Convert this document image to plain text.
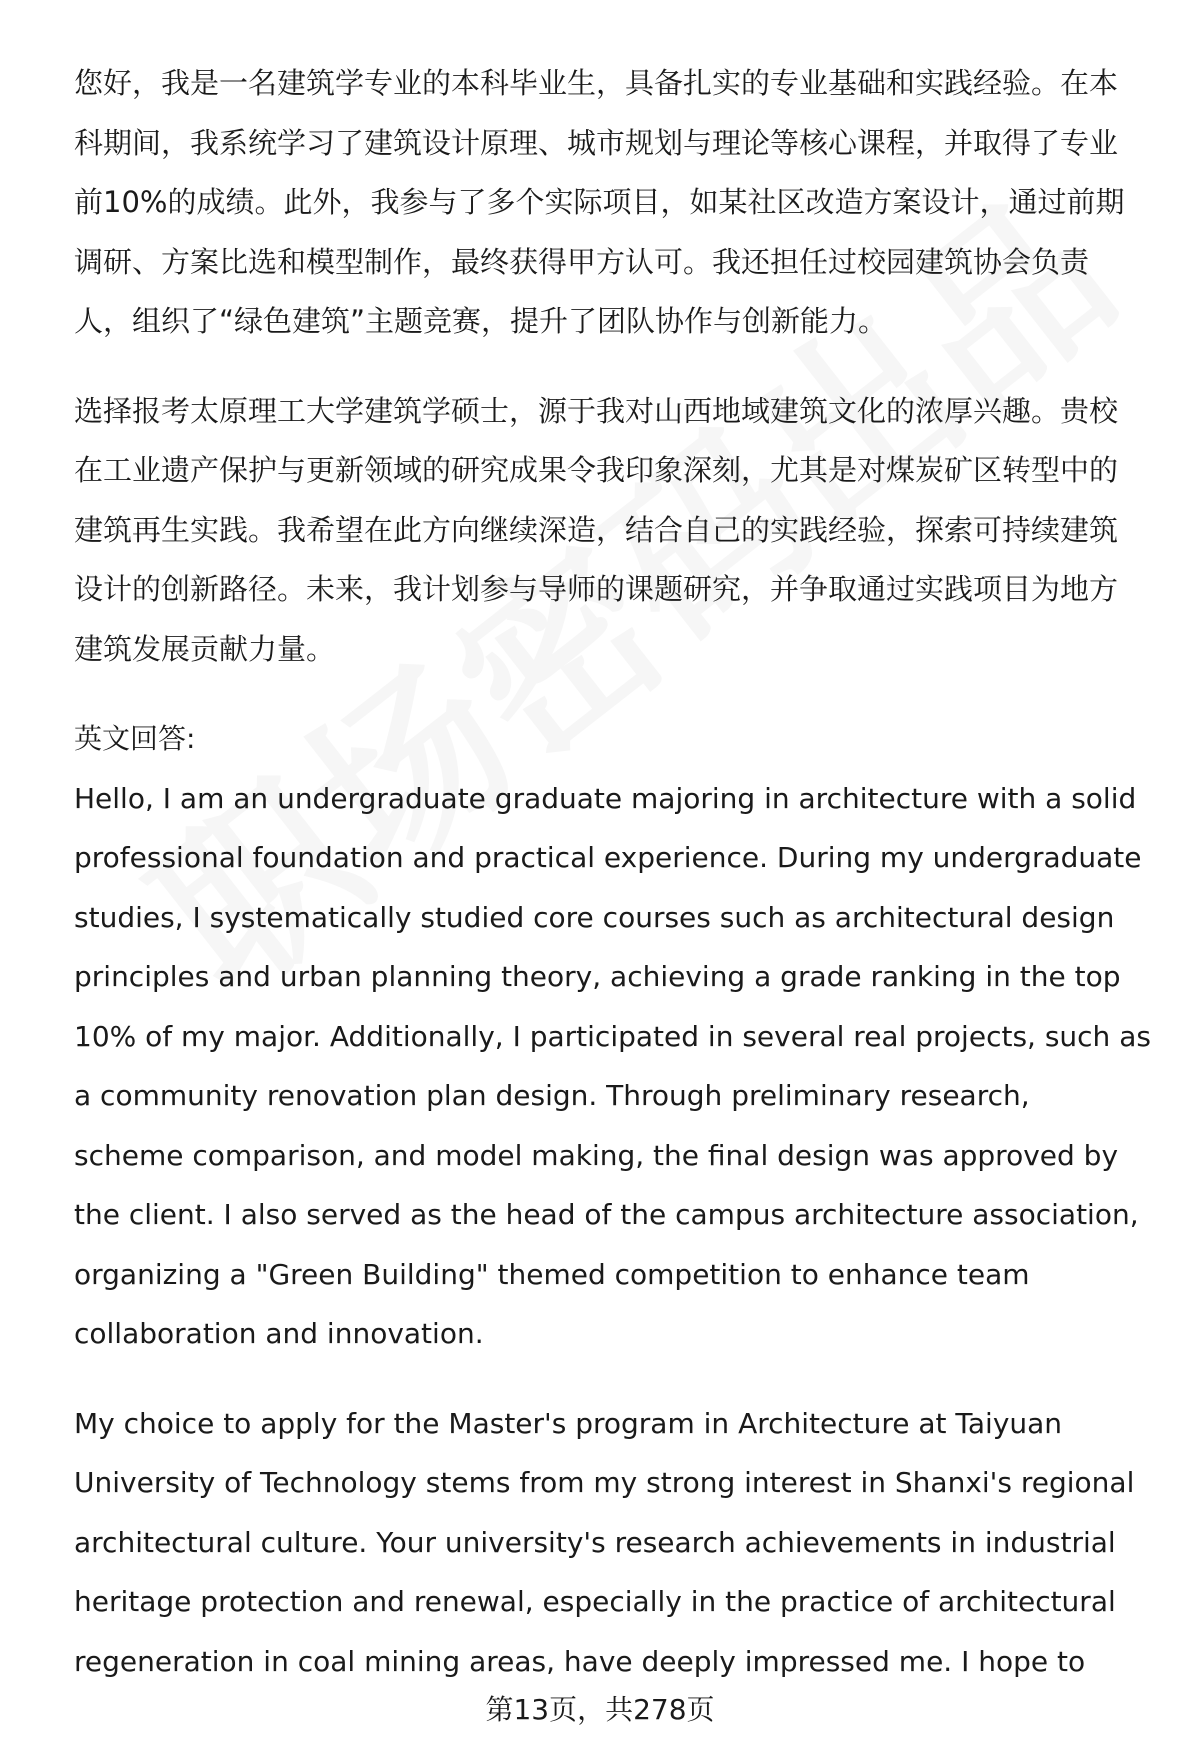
您好，我是一名建筑学专业的本科毕业生，具备扎实的专业基础和实践经验。在本
科期间，我系统学习了建筑设计原理、城市规划与理论等核心课程，并取得了专业
前10%的成绩。此外，我参与了多个实际项目，如某社区改造方案设计，通过前期
调研、方案比选和模型制作，最终获得甲方认可。我还担任过校园建筑协会负责
人，组织了“绿色建筑”主题竞赛，提升了团队协作与创新能力。

选择报考太原理工大学建筑学硕士，源于我对山西地域建筑文化的浓厚兴趣。贵校
在工业遗产保护与更新领域的研究成果令我印象深刻，尤其是对煤炭矿区转型中的
建筑再生实践。我希望在此方向继续深造，结合自己的实践经验，探索可持续建筑
设计的创新路径。未来，我计划参与导师的课题研究，并争取通过实践项目为地方
建筑发展贡献力量。

英文回答:
Hello, I am an undergraduate graduate majoring in architecture with a solid
professional foundation and practical experience. During my undergraduate
studies, I systematically studied core courses such as architectural design
principles and urban planning theory, achieving a grade ranking in the top
10% of my major. Additionally, I participated in several real projects, such as
a community renovation plan design. Through preliminary research,
scheme comparison, and model making, the final design was approved by
the client. I also served as the head of the campus architecture association,
organizing a "Green Building" themed competition to enhance team
collaboration and innovation.

My choice to apply for the Master's program in Architecture at Taiyuan
University of Technology stems from my strong interest in Shanxi's regional
architectural culture. Your university's research achievements in industrial
heritage protection and renewal, especially in the practice of architectural
regeneration in coal mining areas, have deeply impressed me. I hope to

第13页，共278页
